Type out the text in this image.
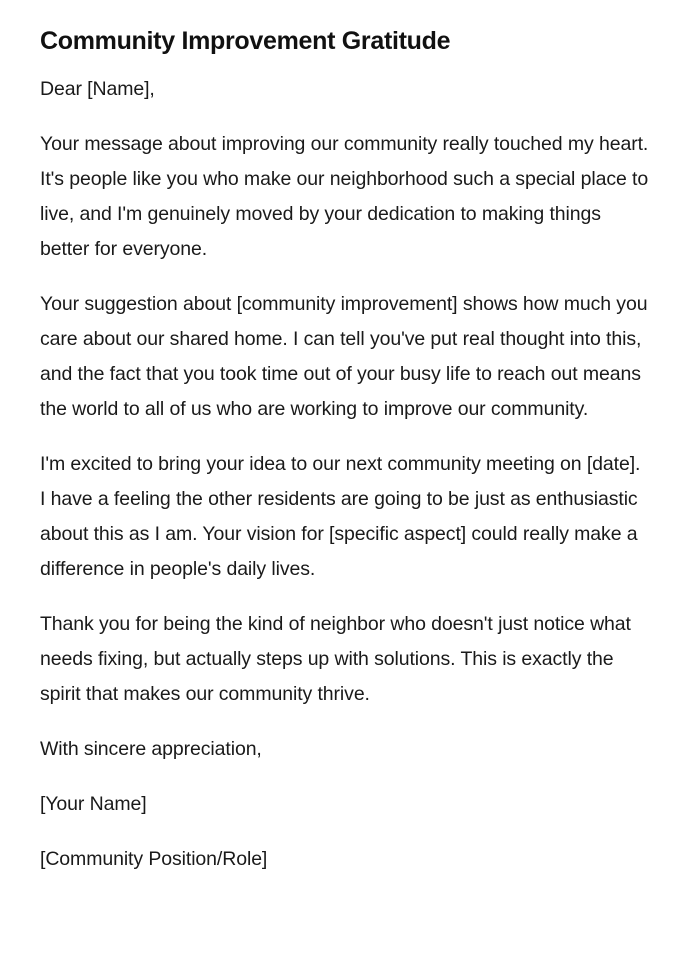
Community Improvement Gratitude

Dear [Name],

Your message about improving our community really touched my heart. It's people like you who make our neighborhood such a special place to live, and I'm genuinely moved by your dedication to making things better for everyone.

Your suggestion about [community improvement] shows how much you care about our shared home. I can tell you've put real thought into this, and the fact that you took time out of your busy life to reach out means the world to all of us who are working to improve our community.

I'm excited to bring your idea to our next community meeting on [date]. I have a feeling the other residents are going to be just as enthusiastic about this as I am. Your vision for [specific aspect] could really make a difference in people's daily lives.

Thank you for being the kind of neighbor who doesn't just notice what needs fixing, but actually steps up with solutions. This is exactly the spirit that makes our community thrive.

With sincere appreciation,

[Your Name]

[Community Position/Role]
